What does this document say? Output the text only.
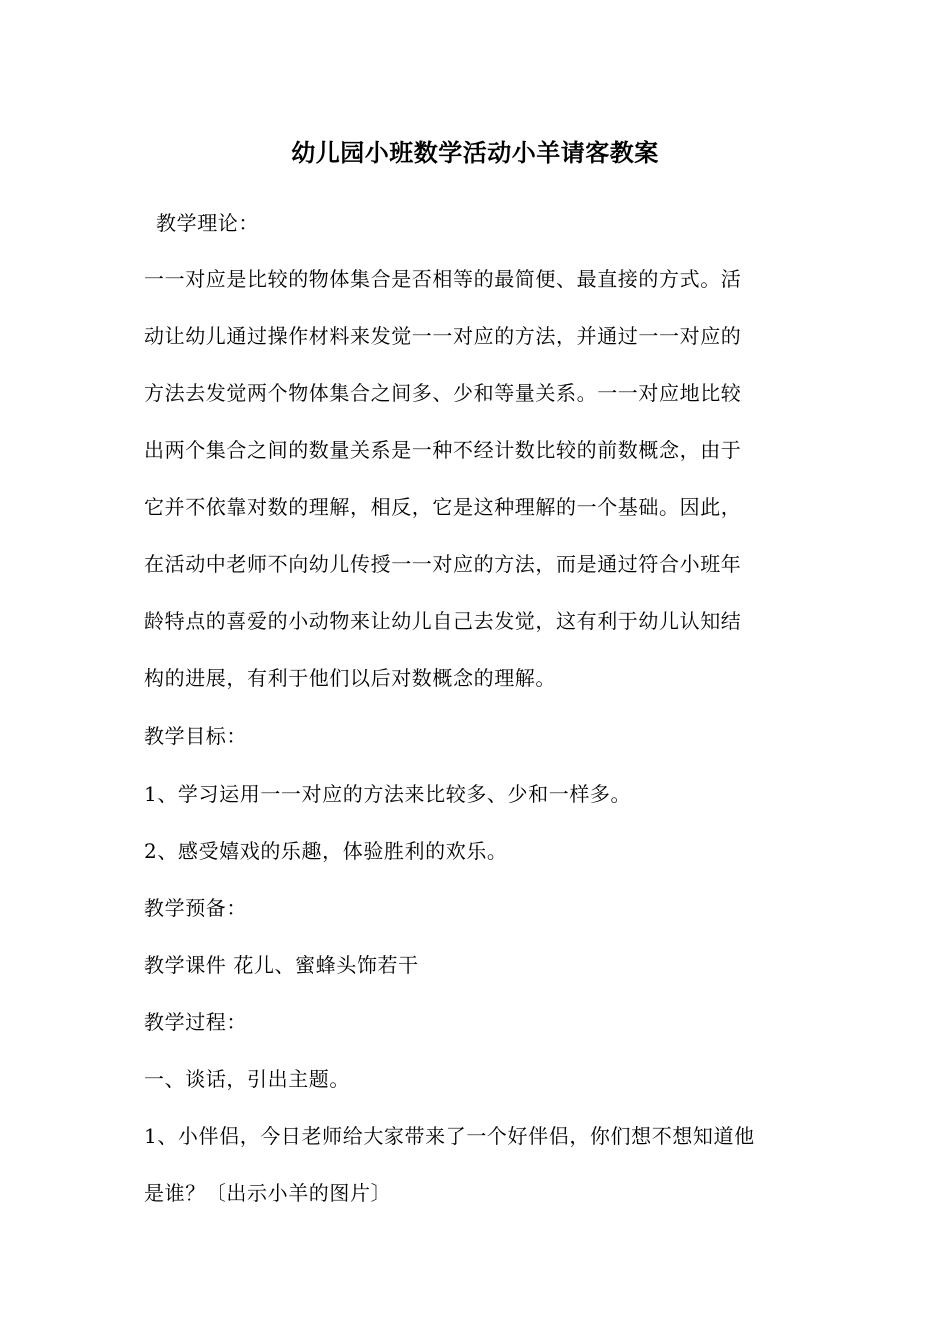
幼儿园小班数学活动小羊请客教案
教学理论：
一一对应是比较的物体集合是否相等的最简便、最直接的方式。活
动让幼儿通过操作材料来发觉一一对应的方法，并通过一一对应的
方法去发觉两个物体集合之间多、少和等量关系。一一对应地比较
出两个集合之间的数量关系是一种不经计数比较的前数概念，由于
它并不依靠对数的理解，相反，它是这种理解的一个基础。因此，
在活动中老师不向幼儿传授一一对应的方法，而是通过符合小班年
龄特点的喜爱的小动物来让幼儿自己去发觉，这有利于幼儿认知结
构的进展，有利于他们以后对数概念的理解。
教学目标：
1、学习运用一一对应的方法来比较多、少和一样多。
2、感受嬉戏的乐趣，体验胜利的欢乐。
教学预备：
教学课件 花儿、蜜蜂头饰若干
教学过程：
一、谈话，引出主题。
1、小伴侣，今日老师给大家带来了一个好伴侣，你们想不想知道他
是谁？〔出示小羊的图片〕
